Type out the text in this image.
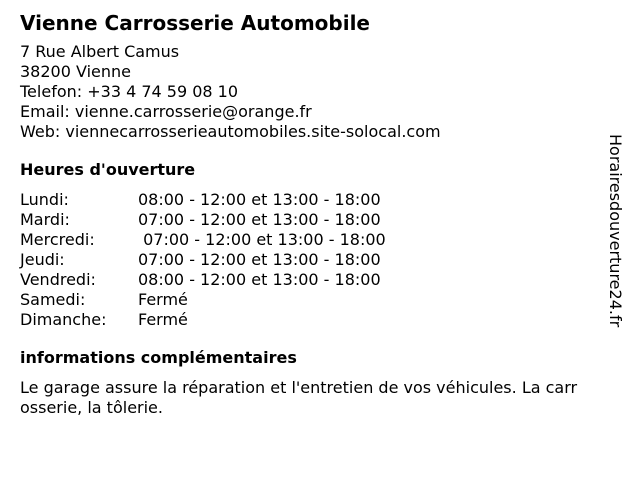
Vienne Carrosserie Automobile
7 Rue Albert Camus
38200 Vienne
Telefon: +33 4 74 59 08 10
Email: vienne.carrosserie@orange.fr
Web: viennecarrosserieautomobiles.site-solocal.com
Heures d'ouverture
Lundi:	08:00 - 12:00 et 13:00 - 18:00
Mardi:	07:00 - 12:00 et 13:00 - 18:00
Mercredi:	07:00 - 12:00 et 13:00 - 18:00
Jeudi:	07:00 - 12:00 et 13:00 - 18:00
Vendredi:	08:00 - 12:00 et 13:00 - 18:00
Samedi:	Fermé
Dimanche:	Fermé
informations complémentaires
Le garage assure la réparation et l'entretien de vos véhicules. La carrosserie, la tôlerie.
Horairesdouverture24.fr
